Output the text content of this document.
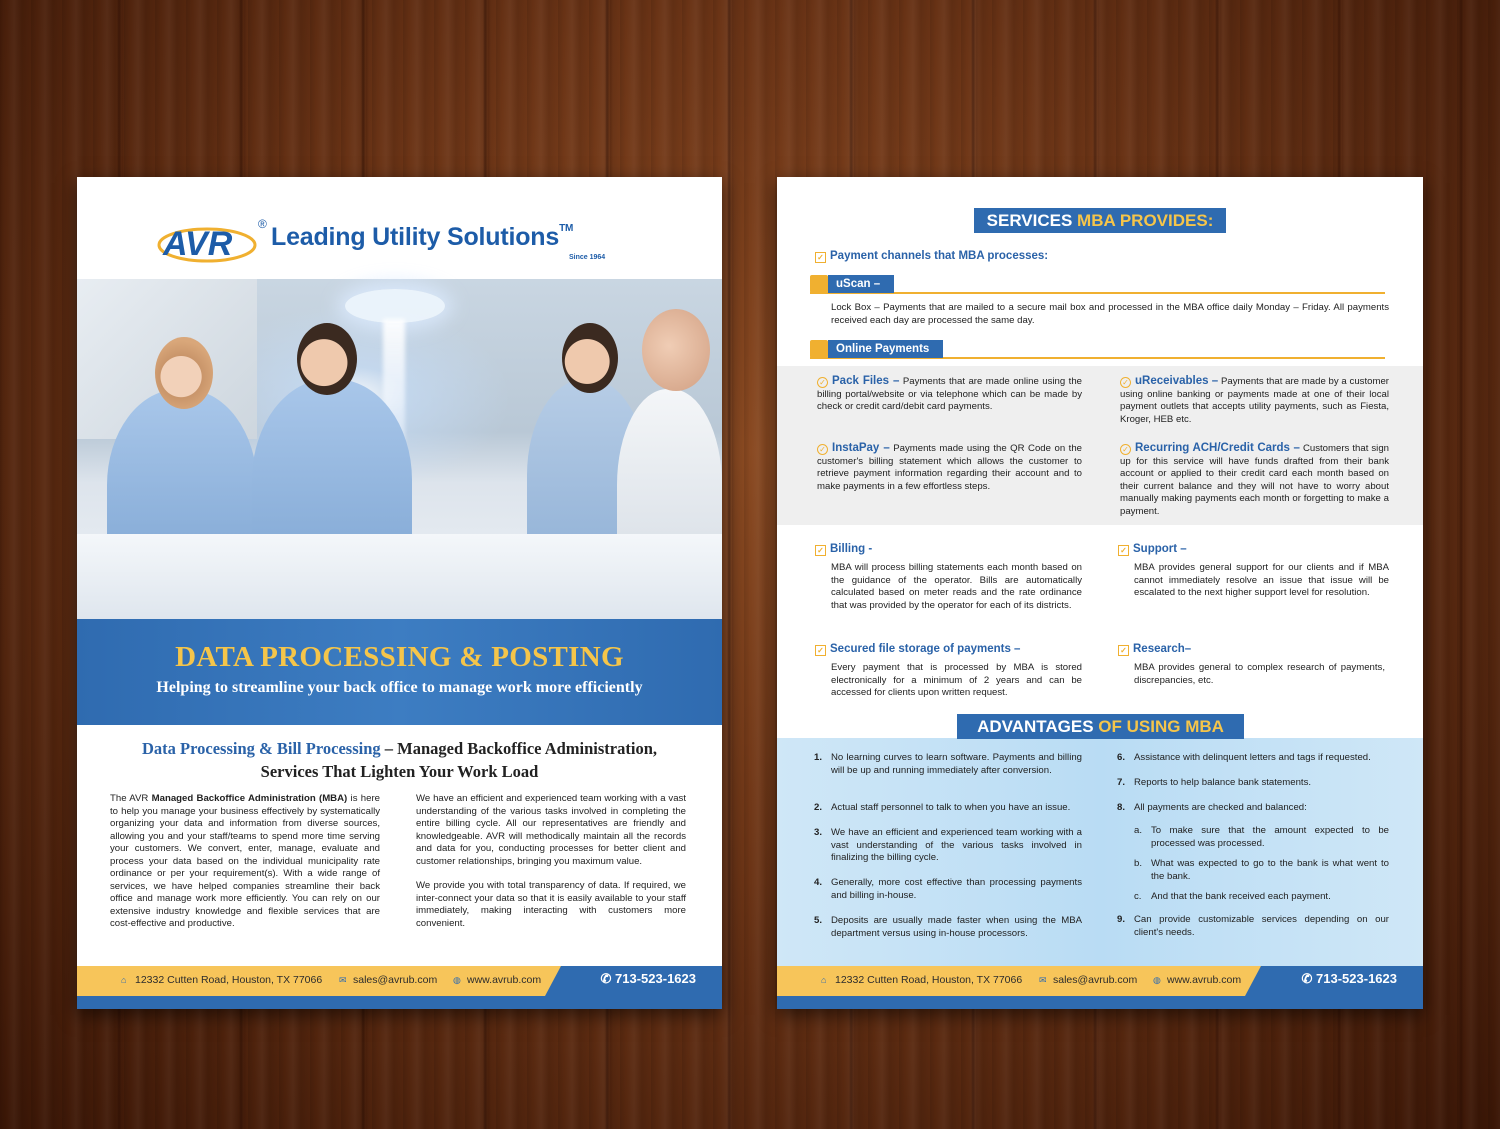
AVR
® Leading Utility Solutions™
Since 1964
DATA PROCESSING & POSTING
Helping to streamline your back office to manage work more efficiently
Data Processing & Bill Processing – Managed Backoffice Administration,
Services That Lighten Your Work Load

The AVR Managed Backoffice Administration (MBA) is here to help you manage your business effectively by systematically organizing your data and information from diverse sources, allowing you and your staff/teams to spend more time serving your customers. We convert, enter, manage, evaluate and process your data based on the individual municipality rate ordinance or per your requirement(s). With a wide range of services, we have helped companies streamline their back office and manage work more efficiently. You can rely on our extensive industry knowledge and flexible services that are cost-effective and productive.

We have an efficient and experienced team working with a vast understanding of the various tasks involved in completing the entire billing cycle. All our representatives are friendly and knowledgeable. AVR will methodically maintain all the records and data for you, conducting processes for better client and customer relationships, bringing you maximum value.

We provide you with total transparency of data. If required, we inter-connect your data so that it is easily available to your staff immediately, making interacting with customers more convenient.

⌂ 12332 Cutten Road, Houston, TX 77066 ✉ sales@avrub.com ◍ www.avrub.com	✆ 713-523-1623
SERVICES MBA PROVIDES:
✓ Payment channels that MBA processes:
uScan –
Lock Box – Payments that are mailed to a secure mail box and processed in the MBA office daily Monday – Friday. All payments received each day are processed the same day.
Online Payments
✓ Pack Files – Payments that are made online using the billing portal/website or via telephone which can be made by check or credit card/debit card payments.
✓ uReceivables – Payments that are made by a customer using online banking or payments made at one of their local payment outlets that accepts utility payments, such as Fiesta, Kroger, HEB etc.
✓ InstaPay – Payments made using the QR Code on the customer's billing statement which allows the customer to retrieve payment information regarding their account and to make payments in a few effortless steps.
✓ Recurring ACH/Credit Cards – Customers that sign up for this service will have funds drafted from their bank account or applied to their credit card each month based on their current balance and they will not have to worry about manually making payments each month or forgetting to make a payment.
✓ Billing -
MBA will process billing statements each month based on the guidance of the operator. Bills are automatically calculated based on meter reads and the rate ordinance that was provided by the operator for each of its districts.
✓ Support –
MBA provides general support for our clients and if MBA cannot immediately resolve an issue that issue will be escalated to the next higher support level for resolution.
✓ Secured file storage of payments –
Every payment that is processed by MBA is stored electronically for a minimum of 2 years and can be accessed for clients upon written request.
✓ Research–
MBA provides general to complex research of payments, discrepancies, etc.
ADVANTAGES OF USING MBA
1. No learning curves to learn software. Payments and billing will be up and running immediately after conversion.
2. Actual staff personnel to talk to when you have an issue.
3. We have an efficient and experienced team working with a vast understanding of the various tasks involved in finalizing the billing cycle.
4. Generally, more cost effective than processing payments and billing in-house.
5. Deposits are usually made faster when using the MBA department versus using in-house processors.
6. Assistance with delinquent letters and tags if requested.
7. Reports to help balance bank statements.
8. All payments are checked and balanced:
a. To make sure that the amount expected to be processed was processed.
b. What was expected to go to the bank is what went to the bank.
c. And that the bank received each payment.
9. Can provide customizable services depending on our client's needs.
⌂ 12332 Cutten Road, Houston, TX 77066 ✉ sales@avrub.com ◍ www.avrub.com	✆ 713-523-1623
